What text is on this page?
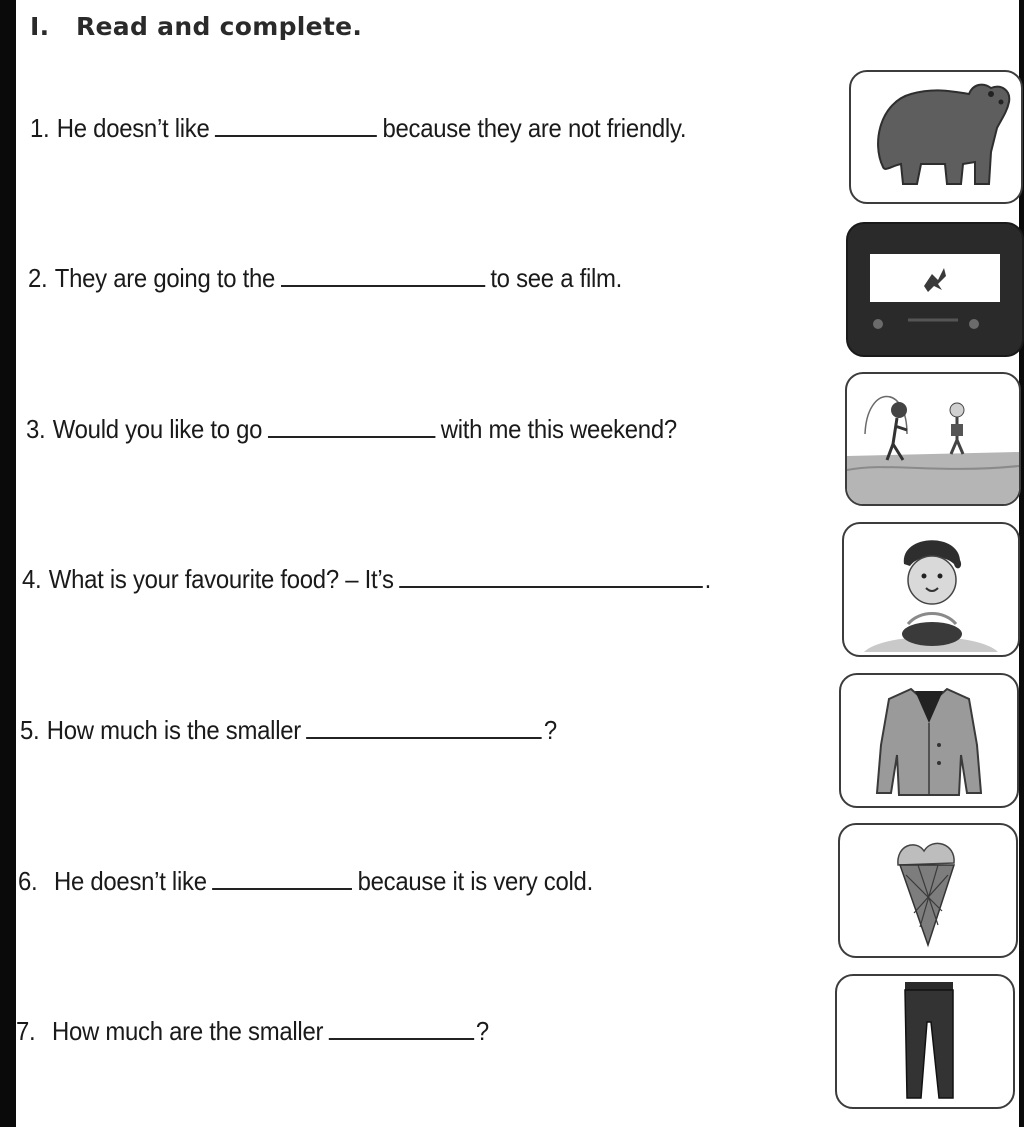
I. Read and complete.
1. He doesn’t like	because they are not friendly.
2. They are going to the	to see a film.
3. Would you like to go	with me this weekend?
4. What is your favourite food? – It’s	.
5. How much is the smaller	?
6. He doesn’t like	because it is very cold.
7. How much are the smaller	?
